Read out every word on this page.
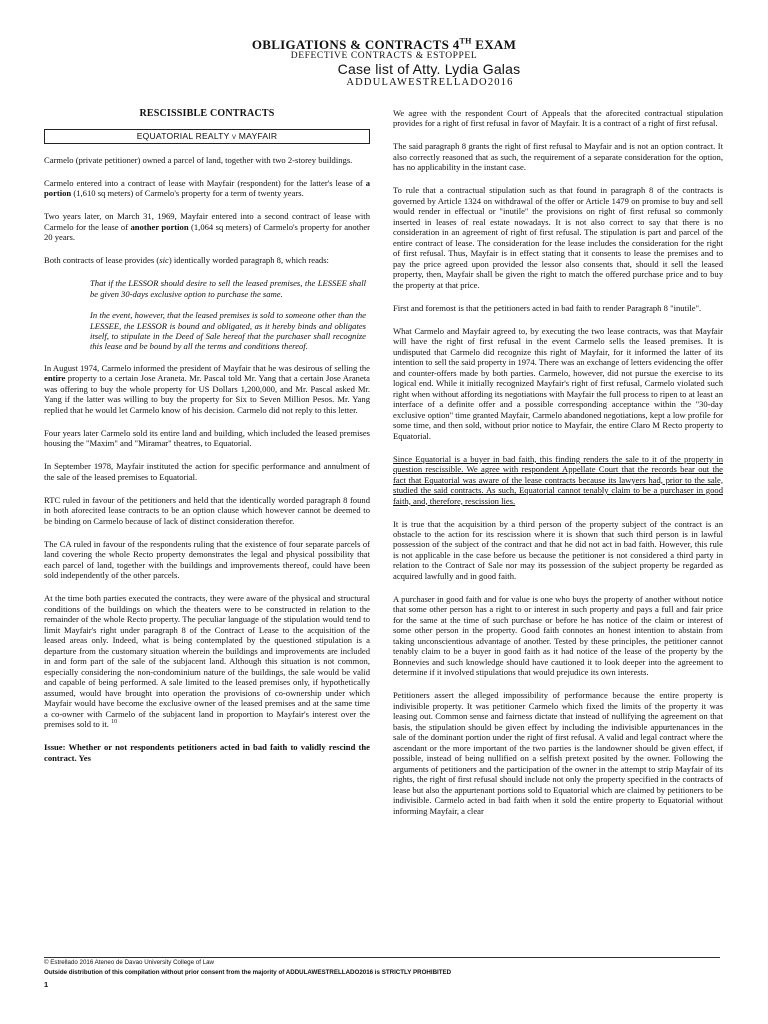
OBLIGATIONS & CONTRACTS 4TH EXAM
DEFECTIVE CONTRACTS & ESTOPPEL
Case list of Atty. Lydia Galas
ADDULAWESTRELLADO2016
RESCISSIBLE CONTRACTS
EQUATORIAL REALTY v MAYFAIR

Carmelo (private petitioner) owned a parcel of land, together with two 2-storey buildings.

Carmelo entered into a contract of lease with Mayfair (respondent) for the latter's lease of a portion (1,610 sq meters) of Carmelo's property for a term of twenty years.

Two years later, on March 31, 1969, Mayfair entered into a second contract of lease with Carmelo for the lease of another portion (1,064 sq meters) of Carmelo's property for another 20 years.

Both contracts of lease provides (sic) identically worded paragraph 8, which reads:

That if the LESSOR should desire to sell the leased premises, the LESSEE shall be given 30-days exclusive option to purchase the same.

In the event, however, that the leased premises is sold to someone other than the LESSEE, the LESSOR is bound and obligated, as it hereby binds and obligates itself, to stipulate in the Deed of Sale hereof that the purchaser shall recognize this lease and be bound by all the terms and conditions thereof.

In August 1974, Carmelo informed the president of Mayfair that he was desirous of selling the entire property to a certain Jose Araneta. Mr. Pascal told Mr. Yang that a certain Jose Araneta was offering to buy the whole property for US Dollars 1,200,000, and Mr. Pascal asked Mr. Yang if the latter was willing to buy the property for Six to Seven Million Pesos. Mr. Yang replied that he would let Carmelo know of his decision. Carmelo did not reply to this letter.

Four years later Carmelo sold its entire land and building, which included the leased premises housing the "Maxim" and "Miramar" theatres, to Equatorial.

In September 1978, Mayfair instituted the action for specific performance and annulment of the sale of the leased premises to Equatorial.

RTC ruled in favour of the petitioners and held that the identically worded paragraph 8 found in both aforecited lease contracts to be an option clause which however cannot be deemed to be binding on Carmelo because of lack of distinct consideration therefor.

The CA ruled in favour of the respondents ruling that the existence of four separate parcels of land covering the whole Recto property demonstrates the legal and physical possibility that each parcel of land, together with the buildings and improvements thereof, could have been sold independently of the other parcels.

At the time both parties executed the contracts, they were aware of the physical and structural conditions of the buildings on which the theaters were to be constructed in relation to the remainder of the whole Recto property. The peculiar language of the stipulation would tend to limit Mayfair's right under paragraph 8 of the Contract of Lease to the acquisition of the leased areas only. Indeed, what is being contemplated by the questioned stipulation is a departure from the customary situation wherein the buildings and improvements are included in and form part of the sale of the subjacent land. Although this situation is not common, especially considering the non-condominium nature of the buildings, the sale would be valid and capable of being performed. A sale limited to the leased premises only, if hypothetically assumed, would have brought into operation the provisions of co-ownership under which Mayfair would have become the exclusive owner of the leased premises and at the same time a co-owner with Carmelo of the subjacent land in proportion to Mayfair's interest over the premises sold to it. $^{10}$

Issue: Whether or not respondents petitioners acted in bad faith to validly rescind the contract. Yes

We agree with the respondent Court of Appeals that the aforecited contractual stipulation provides for a right of first refusal in favor of Mayfair. It is a contract of a right of first refusal.

The said paragraph 8 grants the right of first refusal to Mayfair and is not an option contract. It also correctly reasoned that as such, the requirement of a separate consideration for the option, has no applicability in the instant case.

To rule that a contractual stipulation such as that found in paragraph 8 of the contracts is governed by Article 1324 on withdrawal of the offer or Article 1479 on promise to buy and sell would render in effectual or "inutile" the provisions on right of first refusal so commonly inserted in leases of real estate nowadays. It is not also correct to say that there is no consideration in an agreement of right of first refusal. The stipulation is part and parcel of the entire contract of lease. The consideration for the lease includes the consideration for the right of first refusal. Thus, Mayfair is in effect stating that it consents to lease the premises and to pay the price agreed upon provided the lessor also consents that, should it sell the leased property, then, Mayfair shall be given the right to match the offered purchase price and to buy the property at that price.

First and foremost is that the petitioners acted in bad faith to render Paragraph 8 "inutile".

What Carmelo and Mayfair agreed to, by executing the two lease contracts, was that Mayfair will have the right of first refusal in the event Carmelo sells the leased premises. It is undisputed that Carmelo did recognize this right of Mayfair, for it informed the latter of its intention to sell the said property in 1974. There was an exchange of letters evidencing the offer and counter-offers made by both parties. Carmelo, however, did not pursue the exercise to its logical end. While it initially recognized Mayfair's right of first refusal, Carmelo violated such right when without affording its negotiations with Mayfair the full process to ripen to at least an interface of a definite offer and a possible corresponding acceptance within the "30-day exclusive option" time granted Mayfair, Carmelo abandoned negotiations, kept a low profile for some time, and then sold, without prior notice to Mayfair, the entire Claro M Recto property to Equatorial.

Since Equatorial is a buyer in bad faith, this finding renders the sale to it of the property in question rescissible. We agree with respondent Appellate Court that the records bear out the fact that Equatorial was aware of the lease contracts because its lawyers had, prior to the sale, studied the said contracts. As such, Equatorial cannot tenably claim to be a purchaser in good faith, and, therefore, rescission lies.

It is true that the acquisition by a third person of the property subject of the contract is an obstacle to the action for its rescission where it is shown that such third person is in lawful possession of the subject of the contract and that he did not act in bad faith. However, this rule is not applicable in the case before us because the petitioner is not considered a third party in relation to the Contract of Sale nor may its possession of the subject property be regarded as acquired lawfully and in good faith.

A purchaser in good faith and for value is one who buys the property of another without notice that some other person has a right to or interest in such property and pays a full and fair price for the same at the time of such purchase or before he has notice of the claim or interest of some other person in the property. Good faith connotes an honest intention to abstain from taking unconscientious advantage of another. Tested by these principles, the petitioner cannot tenably claim to be a buyer in good faith as it had notice of the lease of the property by the Bonnevies and such knowledge should have cautioned it to look deeper into the agreement to determine if it involved stipulations that would prejudice its own interests.

Petitioners assert the alleged impossibility of performance because the entire property is indivisible property. It was petitioner Carmelo which fixed the limits of the property it was leasing out. Common sense and fairness dictate that instead of nullifying the agreement on that basis, the stipulation should be given effect by including the indivisible appurtenances in the sale of the dominant portion under the right of first refusal. A valid and legal contract where the ascendant or the more important of the two parties is the landowner should be given effect, if possible, instead of being nullified on a selfish pretext posited by the owner. Following the arguments of petitioners and the participation of the owner in the attempt to strip Mayfair of its rights, the right of first refusal should include not only the property specified in the contracts of lease but also the appurtenant portions sold to Equatorial which are claimed by petitioners to be indivisible. Carmelo acted in bad faith when it sold the entire property to Equatorial without informing Mayfair, a clear

© Estrellado 2016 Ateneo de Davao University College of Law
Outside distribution of this compilation without prior consent from the majority of ADDULAWESTRELLADO2016 is STRICTLY PROHIBITED
1
